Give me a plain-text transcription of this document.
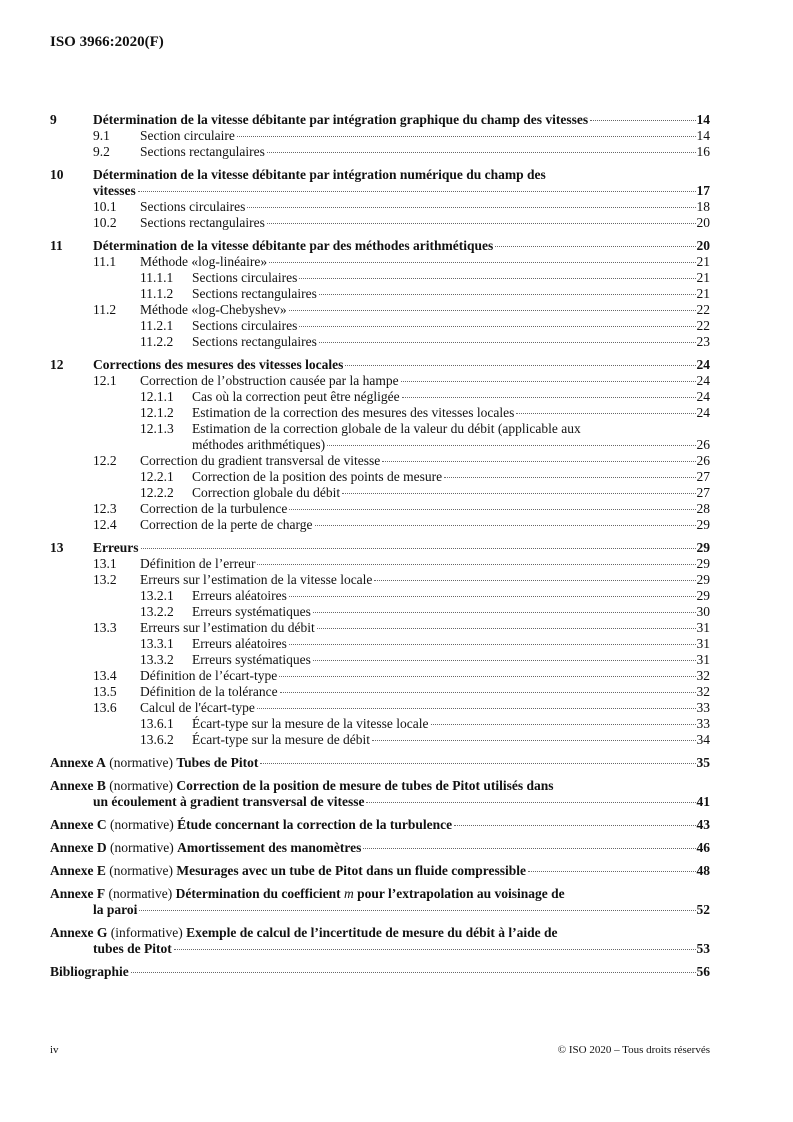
ISO 3966:2020(F)
9	Détermination de la vitesse débitante par intégration graphique du champ des vitesses	14
9.1 Section circulaire	14
9.2 Sections rectangulaires	16
10 Détermination de la vitesse débitante par intégration numérique du champ des
vitesses	17
10.1 Sections circulaires	18
10.2 Sections rectangulaires	20
11 Détermination de la vitesse débitante par des méthodes arithmétiques	20
11.1 Méthode «log-linéaire»	21
11.1.1 Sections circulaires	21
11.1.2 Sections rectangulaires	21
11.2 Méthode «log-Chebyshev»	22
11.2.1 Sections circulaires	22
11.2.2 Sections rectangulaires	23
12 Corrections des mesures des vitesses locales	24
12.1 Correction de l’obstruction causée par la hampe	24
12.1.1 Cas où la correction peut être négligée	24
12.1.2 Estimation de la correction des mesures des vitesses locales	24
12.1.3 Estimation de la correction globale de la valeur du débit (applicable aux
méthodes arithmétiques)	26
12.2 Correction du gradient transversal de vitesse	26
12.2.1 Correction de la position des points de mesure	27
12.2.2 Correction globale du débit	27
12.3 Correction de la turbulence	28
12.4 Correction de la perte de charge	29
13 Erreurs	29
13.1 Définition de l’erreur	29
13.2 Erreurs sur l’estimation de la vitesse locale	29
13.2.1 Erreurs aléatoires	29
13.2.2 Erreurs systématiques	30
13.3 Erreurs sur l’estimation du débit	31
13.3.1 Erreurs aléatoires	31
13.3.2 Erreurs systématiques	31
13.4 Définition de l’écart-type	32
13.5 Définition de la tolérance	32
13.6 Calcul de l'écart-type	33
13.6.1 Écart-type sur la mesure de la vitesse locale	33
13.6.2 Écart-type sur la mesure de débit	34
Annexe A (normative) Tubes de Pitot	35
Annexe B (normative) Correction de la position de mesure de tubes de Pitot utilisés dans
un écoulement à gradient transversal de vitesse	41
Annexe C (normative) Étude concernant la correction de la turbulence	43
Annexe D (normative) Amortissement des manomètres	46
Annexe E (normative) Mesurages avec un tube de Pitot dans un fluide compressible	48
Annexe F (normative) Détermination du coefficient m pour l’extrapolation au voisinage de
la paroi	52
Annexe G (informative) Exemple de calcul de l’incertitude de mesure du débit à l’aide de
tubes de Pitot	53
Bibliographie	56
iv	© ISO 2020 – Tous droits réservés
